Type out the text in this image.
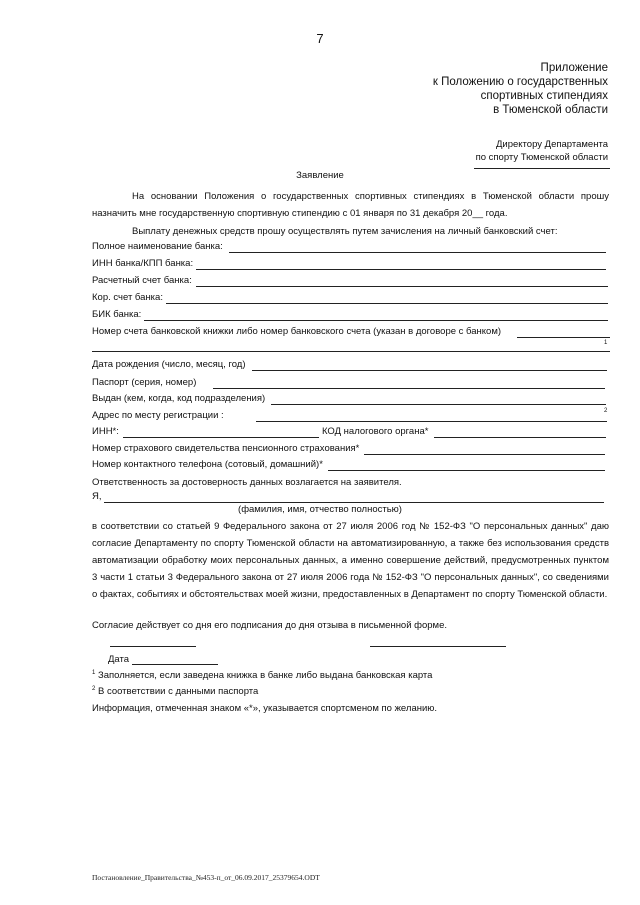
7
Приложение
к Положению о государственных
спортивных стипендиях
в Тюменской области
Директору Департамента
по спорту Тюменской области
Заявление
На основании Положения о государственных спортивных стипендиях в Тюменской области прошу назначить мне государственную спортивную стипендию с 01 января по 31 декабря 20__ года.
Выплату денежных средств прошу осуществлять путем зачисления на личный банковский счет:
Полное наименование банка:
ИНН банка/КПП банка:
Расчетный счет банка:
Кор. счет банка:
БИК банка:
Номер счета банковской книжки либо номер банковского счета (указан в договоре с банком)
1
Дата рождения (число, месяц, год)
Паспорт (серия, номер)
Выдан (кем, когда, код подразделения)
Адрес по месту регистрации :	2
ИНН*:	КОД налогового органа*
Номер страхового свидетельства пенсионного страхования*
Номер контактного телефона (сотовый, домашний)*
Ответственность за достоверность данных возлагается на заявителя.
Я,
(фамилия, имя, отчество полностью)
в соответствии со статьей 9 Федерального закона от 27 июля 2006 год № 152-ФЗ "О персональных данных" даю согласие Департаменту по спорту Тюменской области на автоматизированную, а также без использования средств автоматизации обработку моих персональных данных, а именно совершение действий, предусмотренных пунктом 3 части 1 статьи 3 Федерального закона от 27 июля 2006 года № 152-ФЗ "О персональных данных", со сведениями о фактах, событиях и обстоятельствах моей жизни, предоставленных в Департамент по спорту Тюменской области.
Согласие действует со дня его подписания до дня отзыва в письменной форме.
Дата
$^1$ Заполняется, если заведена книжка в банке либо выдана банковская карта
$^2$ В соответствии с данными паспорта
Информация, отмеченная знаком «*», указывается спортсменом по желанию.
Постановление_Правительства_№453-п_от_06.09.2017_25379654.ODT
